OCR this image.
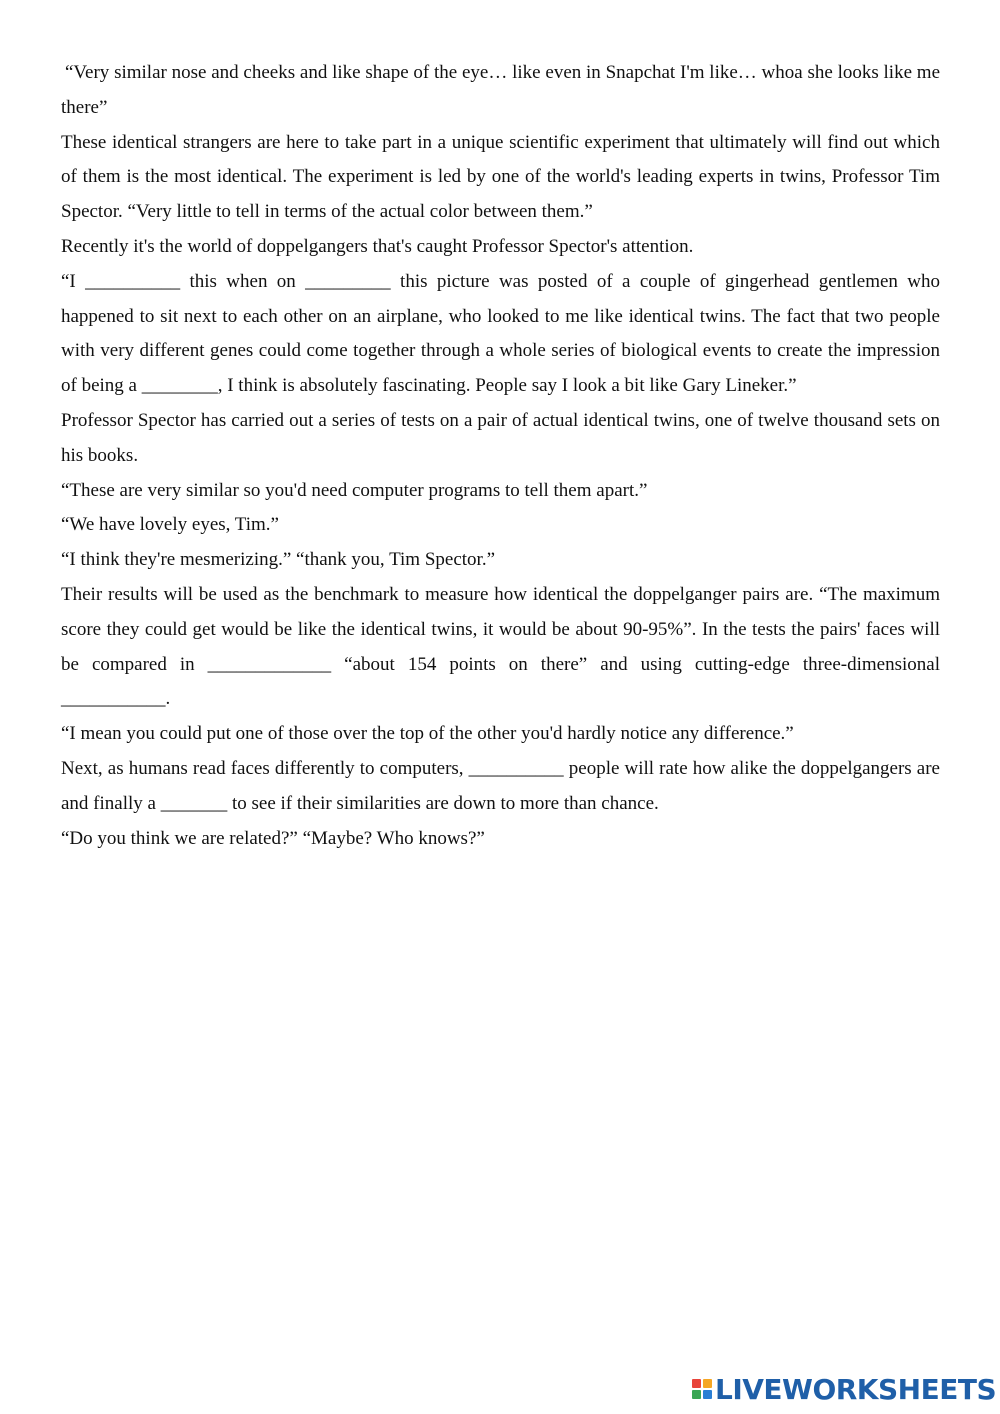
“Very similar nose and cheeks and like shape of the eye… like even in Snapchat I'm like… whoa she looks like me there”

These identical strangers are here to take part in a unique scientific experiment that ultimately will find out which of them is the most identical. The experiment is led by one of the world's leading experts in twins, Professor Tim Spector. “Very little to tell in terms of the actual color between them.”

Recently it's the world of doppelgangers that's caught Professor Spector's attention.

“I __________ this when on _________ this picture was posted of a couple of gingerhead gentlemen who happened to sit next to each other on an airplane, who looked to me like identical twins. The fact that two people with very different genes could come together through a whole series of biological events to create the impression of being a ________, I think is absolutely fascinating. People say I look a bit like Gary Lineker.”

Professor Spector has carried out a series of tests on a pair of actual identical twins, one of twelve thousand sets on his books.

“These are very similar so you'd need computer programs to tell them apart.”

“We have lovely eyes, Tim.”

“I think they're mesmerizing.” “thank you, Tim Spector.”

Their results will be used as the benchmark to measure how identical the doppelganger pairs are. “The maximum score they could get would be like the identical twins, it would be about 90-95%”. In the tests the pairs' faces will be compared in _____________ “about 154 points on there” and using cutting-edge three-dimensional ___________.

“I mean you could put one of those over the top of the other you'd hardly notice any difference.”

Next, as humans read faces differently to computers, __________ people will rate how alike the doppelgangers are and finally a _______ to see if their similarities are down to more than chance.

“Do you think we are related?” “Maybe? Who knows?”

LIVEWORKSHEETS
